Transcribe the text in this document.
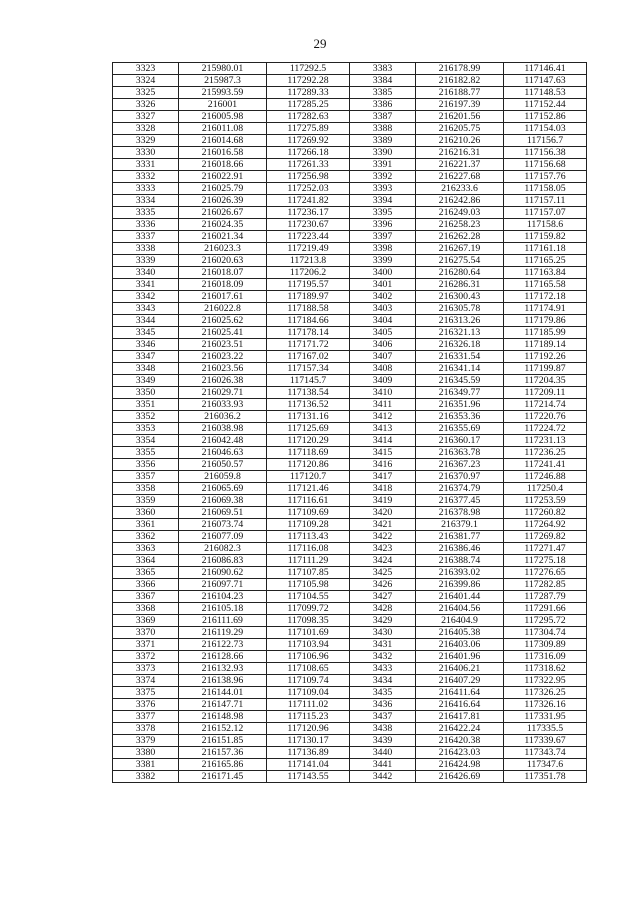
29
3323	215980.01	117292.5	3383	216178.99	117146.41
3324	215987.3	117292.28	3384	216182.82	117147.63
3325	215993.59	117289.33	3385	216188.77	117148.53
3326	216001	117285.25	3386	216197.39	117152.44
3327	216005.98	117282.63	3387	216201.56	117152.86
3328	216011.08	117275.89	3388	216205.75	117154.03
3329	216014.68	117269.92	3389	216210.26	117156.7
3330	216016.58	117266.18	3390	216216.31	117156.38
3331	216018.66	117261.33	3391	216221.37	117156.68
3332	216022.91	117256.98	3392	216227.68	117157.76
3333	216025.79	117252.03	3393	216233.6	117158.05
3334	216026.39	117241.82	3394	216242.86	117157.11
3335	216026.67	117236.17	3395	216249.03	117157.07
3336	216024.35	117230.67	3396	216258.23	117158.6
3337	216021.34	117223.44	3397	216262.28	117159.82
3338	216023.3	117219.49	3398	216267.19	117161.18
3339	216020.63	117213.8	3399	216275.54	117165.25
3340	216018.07	117206.2	3400	216280.64	117163.84
3341	216018.09	117195.57	3401	216286.31	117165.58
3342	216017.61	117189.97	3402	216300.43	117172.18
3343	216022.8	117188.58	3403	216305.78	117174.91
3344	216025.62	117184.66	3404	216313.26	117179.86
3345	216025.41	117178.14	3405	216321.13	117185.99
3346	216023.51	117171.72	3406	216326.18	117189.14
3347	216023.22	117167.02	3407	216331.54	117192.26
3348	216023.56	117157.34	3408	216341.14	117199.87
3349	216026.38	117145.7	3409	216345.59	117204.35
3350	216029.71	117138.54	3410	216349.77	117209.11
3351	216033.93	117136.52	3411	216351.96	117214.74
3352	216036.2	117131.16	3412	216353.36	117220.76
3353	216038.98	117125.69	3413	216355.69	117224.72
3354	216042.48	117120.29	3414	216360.17	117231.13
3355	216046.63	117118.69	3415	216363.78	117236.25
3356	216050.57	117120.86	3416	216367.23	117241.41
3357	216059.8	117120.7	3417	216370.97	117246.88
3358	216065.69	117121.46	3418	216374.79	117250.4
3359	216069.38	117116.61	3419	216377.45	117253.59
3360	216069.51	117109.69	3420	216378.98	117260.82
3361	216073.74	117109.28	3421	216379.1	117264.92
3362	216077.09	117113.43	3422	216381.77	117269.82
3363	216082.3	117116.08	3423	216386.46	117271.47
3364	216086.83	117111.29	3424	216388.74	117275.18
3365	216090.62	117107.85	3425	216393.02	117276.65
3366	216097.71	117105.98	3426	216399.86	117282.85
3367	216104.23	117104.55	3427	216401.44	117287.79
3368	216105.18	117099.72	3428	216404.56	117291.66
3369	216111.69	117098.35	3429	216404.9	117295.72
3370	216119.29	117101.69	3430	216405.38	117304.74
3371	216122.73	117103.94	3431	216403.06	117309.89
3372	216128.66	117106.96	3432	216401.96	117316.09
3373	216132.93	117108.65	3433	216406.21	117318.62
3374	216138.96	117109.74	3434	216407.29	117322.95
3375	216144.01	117109.04	3435	216411.64	117326.25
3376	216147.71	117111.02	3436	216416.64	117326.16
3377	216148.98	117115.23	3437	216417.81	117331.95
3378	216152.12	117120.96	3438	216422.24	117335.5
3379	216151.85	117130.17	3439	216420.38	117339.67
3380	216157.36	117136.89	3440	216423.03	117343.74
3381	216165.86	117141.04	3441	216424.98	117347.6
3382	216171.45	117143.55	3442	216426.69	117351.78
